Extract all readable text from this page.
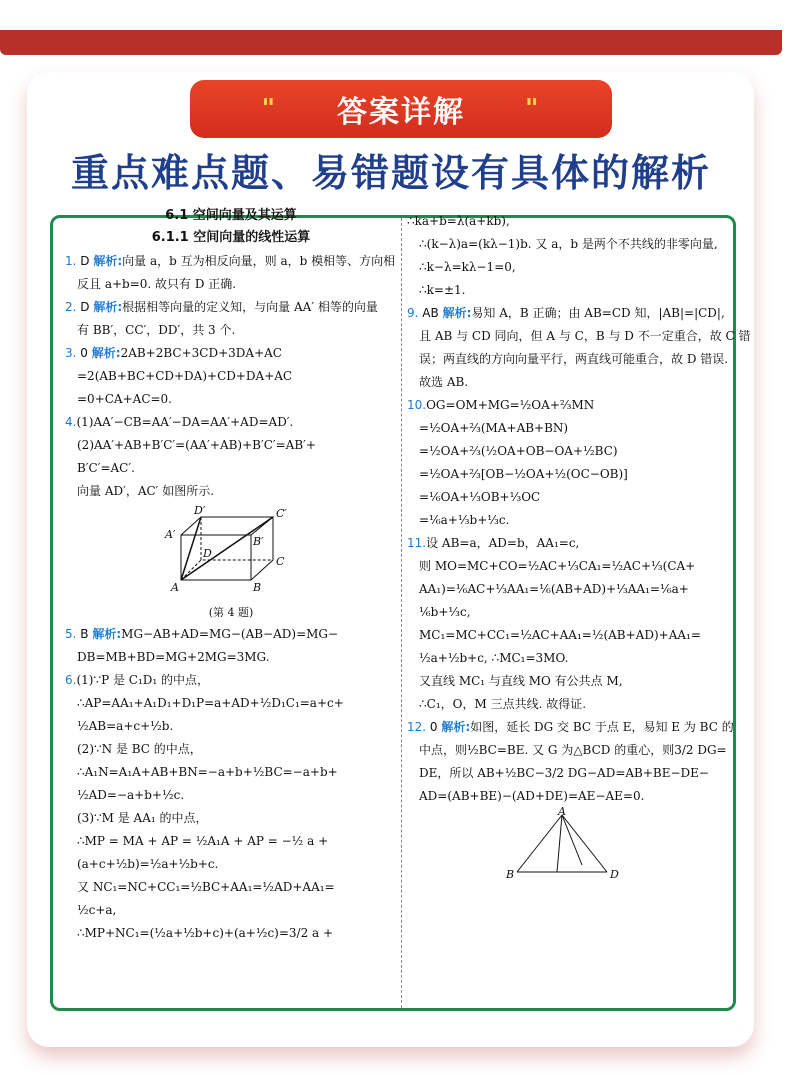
" 答案详解 "
重点难点题、易错题设有具体的解析
6.1 空间向量及其运算
6.1.1 空间向量的线性运算
1. D 解析:向量 a，b 互为相反向量，则 a，b 模相等、方向相
反且 a+b=0. 故只有 D 正确.
2. D 解析:根据相等向量的定义知，与向量 AA′ 相等的向量
有 BB′，CC′，DD′，共 3 个.
3. 0 解析:2AB+2BC+3CD+3DA+AC
=2(AB+BC+CD+DA)+CD+DA+AC
=0+CA+AC=0.
4.(1)AA′−CB=AA′−DA=AA′+AD=AD′.
(2)AA′+AB+B′C′=(AA′+AB)+B′C′=AB′+
B′C′=AC′.
向量 AD′，AC′ 如图所示.
D′	C′
A′
B′
D
C
A	B
(第 4 题)
5. B 解析:MG−AB+AD=MG−(AB−AD)=MG−
DB=MB+BD=MG+2MG=3MG.
6.(1)∵P 是 C₁D₁ 的中点，
∴AP=AA₁+A₁D₁+D₁P=a+AD+½D₁C₁=a+c+
½AB=a+c+½b.
(2)∵N 是 BC 的中点，
∴A₁N=A₁A+AB+BN=−a+b+½BC=−a+b+
½AD=−a+b+½c.
(3)∵M 是 AA₁ 的中点，
∴MP = MA + AP = ½A₁A + AP = −½ a +
(a+c+½b)=½a+½b+c.
又 NC₁=NC+CC₁=½BC+AA₁=½AD+AA₁=
½c+a,
∴MP+NC₁=(½a+½b+c)+(a+½c)=3/2 a +
∴ka+b=λ(a+kb),
∴(k−λ)a=(kλ−1)b. 又 a，b 是两个不共线的非零向量,
∴k−λ=kλ−1=0,
∴k=±1.
9. AB 解析:易知 A，B 正确；由 AB=CD 知，|AB|=|CD|,
且 AB 与 CD 同向，但 A 与 C，B 与 D 不一定重合，故 C 错
误；两直线的方向向量平行，两直线可能重合，故 D 错误.
故选 AB.
10.OG=OM+MG=½OA+⅔MN
=½OA+⅔(MA+AB+BN)
=½OA+⅔(½OA+OB−OA+½BC)
=½OA+⅔[OB−½OA+½(OC−OB)]
=⅙OA+⅓OB+⅓OC
=⅙a+⅓b+⅓c.
11.设 AB=a，AD=b，AA₁=c,
则 MO=MC+CO=½AC+⅓CA₁=½AC+⅓(CA+
AA₁)=⅙AC+⅓AA₁=⅙(AB+AD)+⅓AA₁=⅙a+
⅙b+⅓c,
MC₁=MC+CC₁=½AC+AA₁=½(AB+AD)+AA₁=
½a+½b+c, ∴MC₁=3MO.
又直线 MC₁ 与直线 MO 有公共点 M,
∴C₁，O，M 三点共线. 故得证.
12. 0 解析:如图，延长 DG 交 BC 于点 E，易知 E 为 BC 的
中点，则½BC=BE. 又 G 为△BCD 的重心，则3/2 DG=
DE，所以 AB+½BC−3/2 DG−AD=AB+BE−DE−
AD=(AB+BE)−(AD+DE)=AE−AE=0.
A
B	D
